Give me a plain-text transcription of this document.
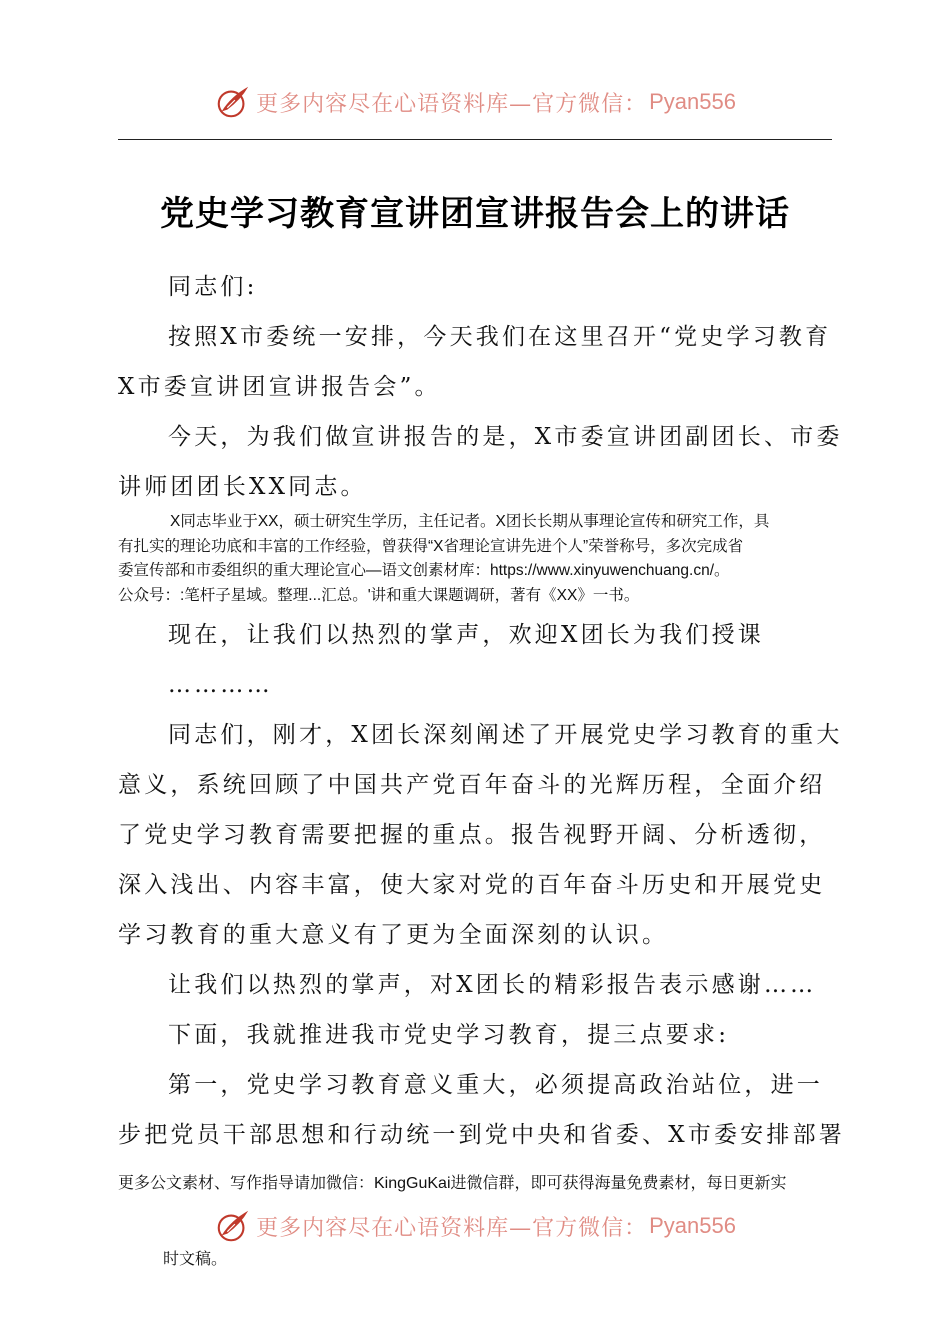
更多内容尽在心语资料库—官方微信： Pyan556
党史学习教育宣讲团宣讲报告会上的讲话
同志们:
按照X市委统一安排，今天我们在这里召开“党史学习教育
X市委宣讲团宣讲报告会”。
今天，为我们做宣讲报告的是，X市委宣讲团副团长、市委
讲师团团长XX同志。
X同志毕业于XX，硕士研究生学历，主任记者。X团长长期从事理论宣传和研究工作，具
有扎实的理论功底和丰富的工作经验，曾获得“X省理论宣讲先进个人”荣誉称号，多次完成省
委宣传部和市委组织的重大理论宣心—语文创素材库：https://www.xinyuwenchuang.cn/。
公众号：:笔杆子星域。整理...汇总。'讲和重大课题调研，著有《XX》一书。
现在，让我们以热烈的掌声，欢迎X团长为我们授课
…………
同志们，刚才，X团长深刻阐述了开展党史学习教育的重大
意义，系统回顾了中国共产党百年奋斗的光辉历程，全面介绍
了党史学习教育需要把握的重点。报告视野开阔、分析透彻，
深入浅出、内容丰富，使大家对党的百年奋斗历史和开展党史
学习教育的重大意义有了更为全面深刻的认识。
让我们以热烈的掌声，对X团长的精彩报告表示感谢……
下面，我就推进我市党史学习教育，提三点要求:
第一，党史学习教育意义重大，必须提高政治站位，进一
步把党员干部思想和行动统一到党中央和省委、X市委安排部署
更多公文素材、写作指导请加微信：KingGuKai进微信群，即可获得海量免费素材，每日更新实
更多内容尽在心语资料库—官方微信： Pyan556
时文稿。
